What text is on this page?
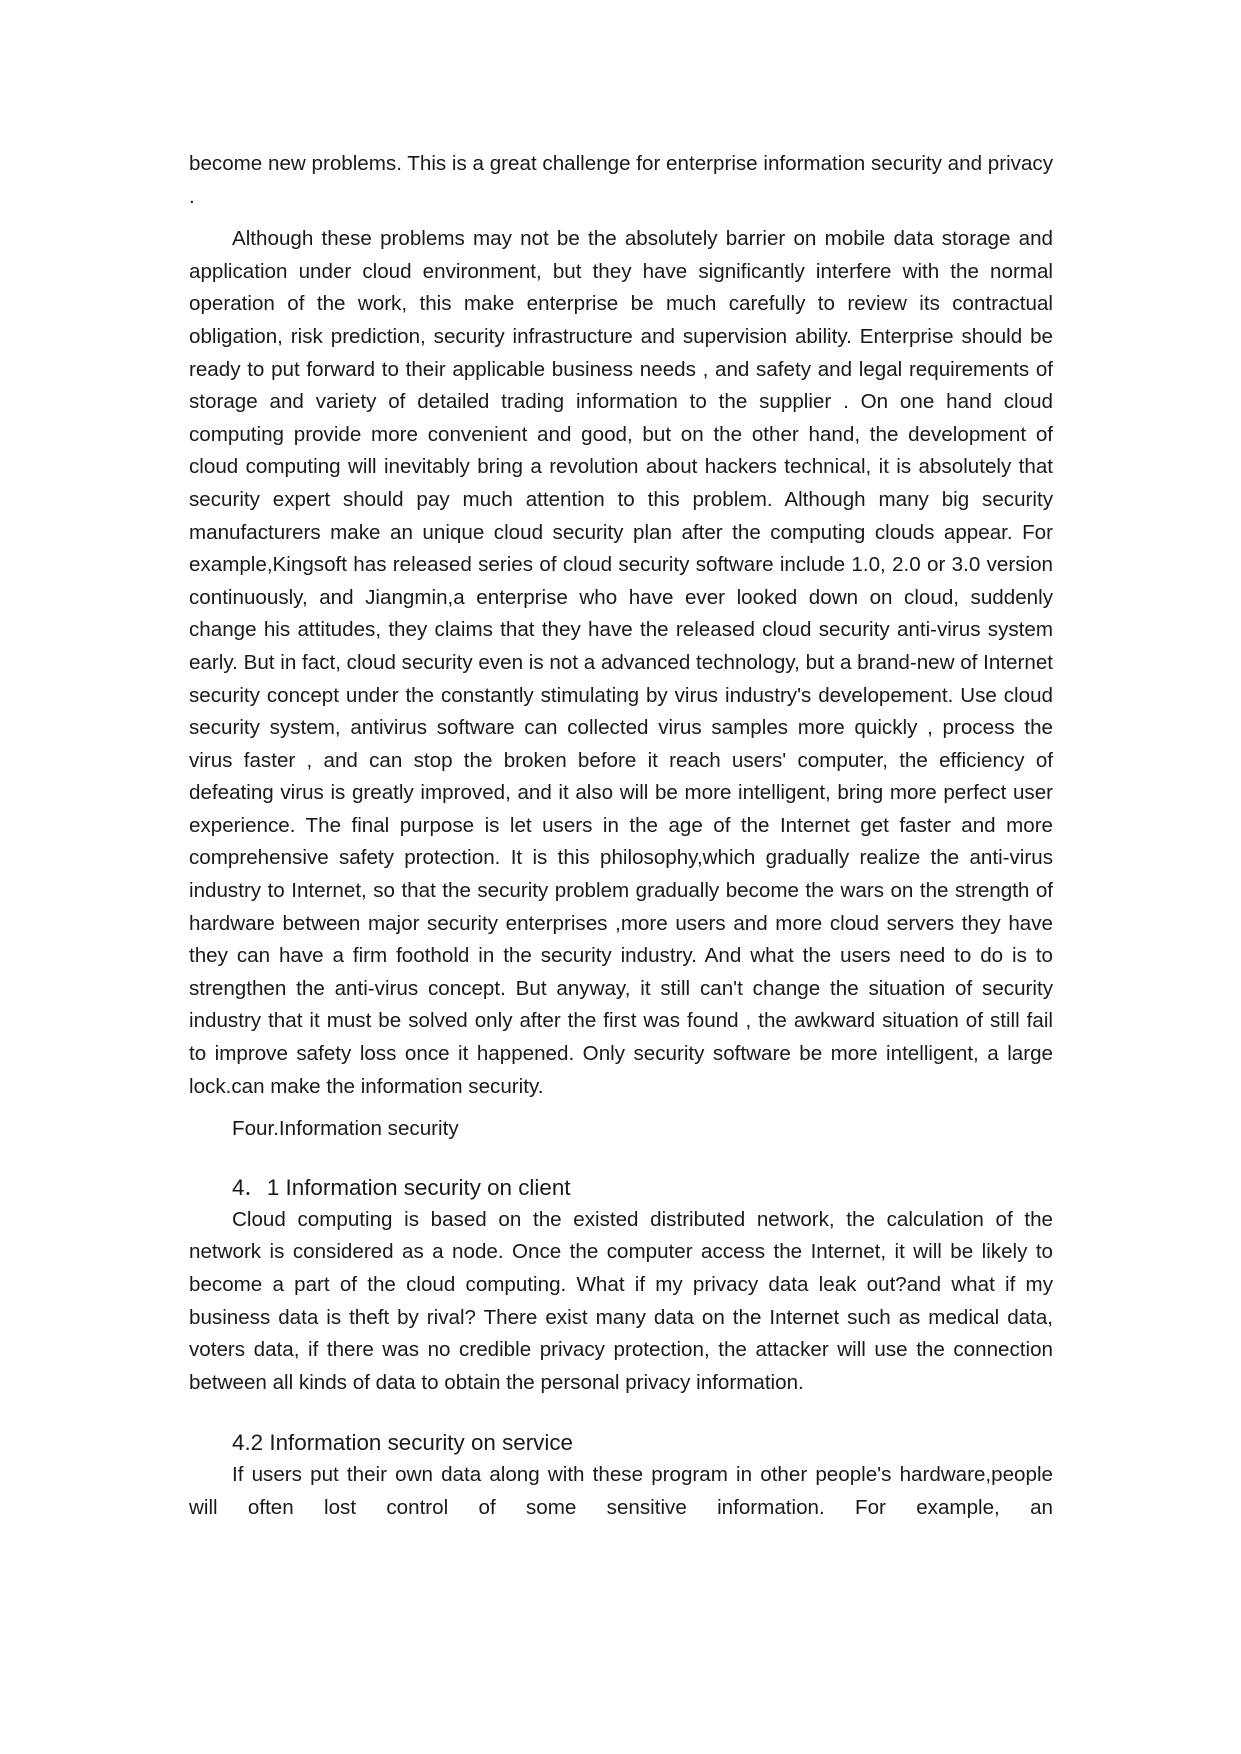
become new problems. This is a great challenge for enterprise information security and privacy .

Although these problems may not be the absolutely barrier on mobile data storage and application under cloud environment, but they have significantly interfere with the normal operation of the work, this make enterprise be much carefully to review its contractual obligation, risk prediction, security infrastructure and supervision ability. Enterprise should be ready to put forward to their applicable business needs , and safety and legal requirements of storage and variety of detailed trading information to the supplier . On one hand cloud computing provide more convenient and good, but on the other hand, the development of cloud computing will inevitably bring a revolution about hackers technical, it is absolutely that security expert should pay much attention to this problem. Although many big security manufacturers make an unique cloud security plan after the computing clouds appear. For example,Kingsoft has released series of cloud security software include 1.0, 2.0 or 3.0 version continuously, and Jiangmin,a enterprise who have ever looked down on cloud, suddenly change his attitudes, they claims that they have the released cloud security anti-virus system early. But in fact, cloud security even is not a advanced technology, but a brand-new of Internet security concept under the constantly stimulating by virus industry's developement. Use cloud security system, antivirus software can collected virus samples more quickly , process the virus faster , and can stop the broken before it reach users' computer, the efficiency of defeating virus is greatly improved, and it also will be more intelligent, bring more perfect user experience. The final purpose is let users in the age of the Internet get faster and more comprehensive safety protection. It is this philosophy,which gradually realize the anti-virus industry to Internet, so that the security problem gradually become the wars on the strength of hardware between major security enterprises ,more users and more cloud servers they have they can have a firm foothold in the security industry. And what the users need to do is to strengthen the anti-virus concept. But anyway, it still can't change the situation of security industry that it must be solved only after the first was found , the awkward situation of still fail to improve safety loss once it happened. Only security software be more intelligent, a large lock.can make the information security.

Four.Information security

4．1 Information security on client

Cloud computing is based on the existed distributed network, the calculation of the network is considered as a node. Once the computer access the Internet, it will be likely to become a part of the cloud computing. What if my privacy data leak out?and what if my business data is theft by rival? There exist many data on the Internet such as medical data, voters data, if there was no credible privacy protection, the attacker will use the connection between all kinds of data to obtain the personal privacy information.

4.2 Information security on service

If users put their own data along with these program in other people's hardware,people will often lost control of some sensitive information. For example, an
